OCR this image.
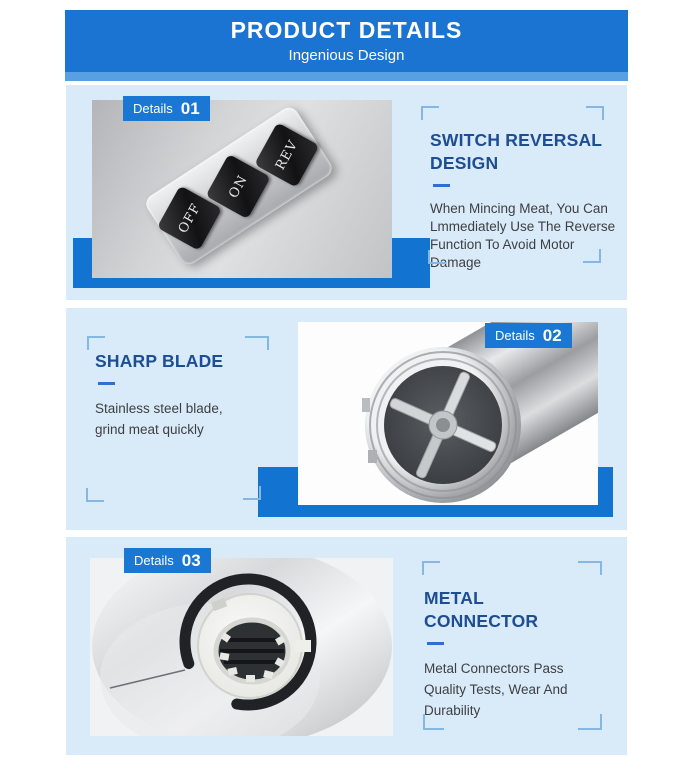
PRODUCT DETAILS
Ingenious Design
OFF
ON
REV
Details 01
SWITCH REVERSAL
DESIGN

When Mincing Meat, You Can

Lmmediately Use The Reverse

Function To Avoid Motor

Damage

Details 02
SHARP BLADE

Stainless steel blade,

grind meat quickly

Details 03
METAL
CONNECTOR

Metal Connectors Pass

Quality Tests, Wear And

Durability
